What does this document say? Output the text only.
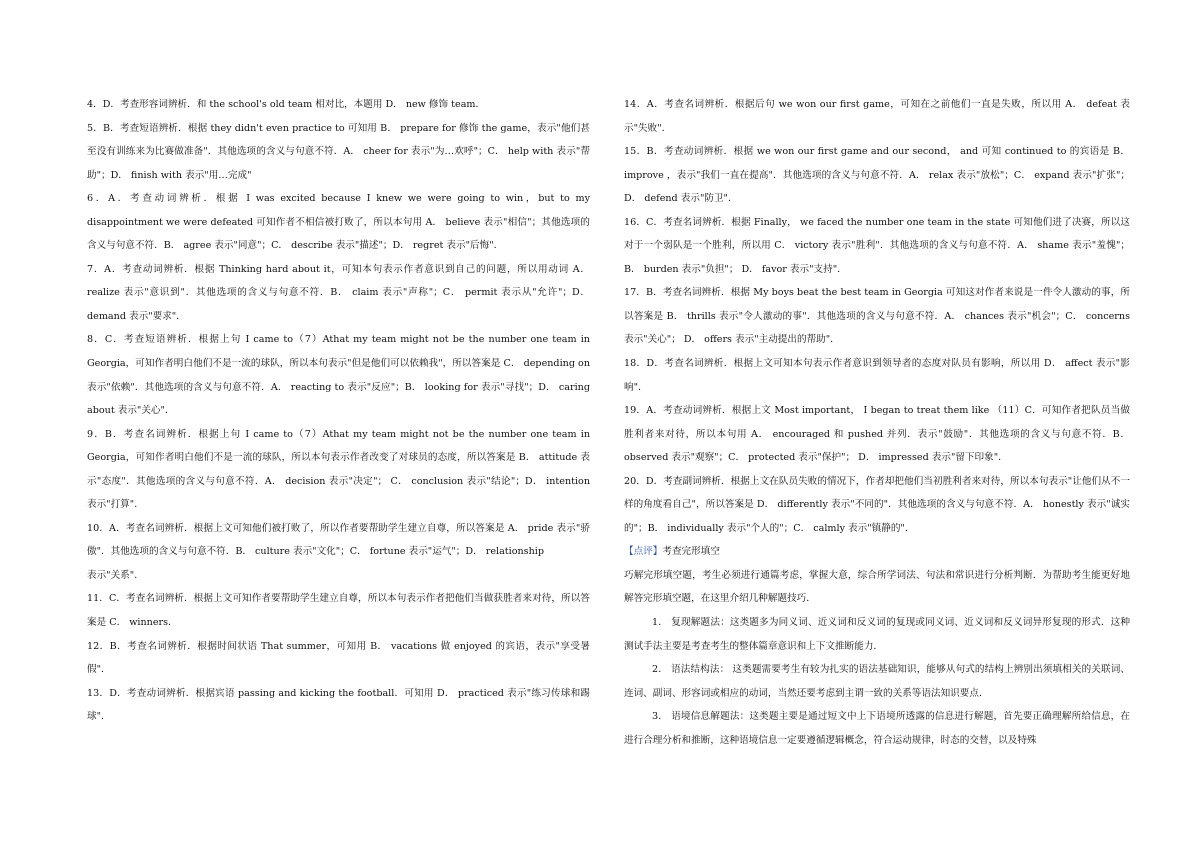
4．D．考查形容词辨析．和 the school's old team 相对比，本题用 D． new 修饰 team．

5．B．考查短语辨析．根据 they didn't even practice to 可知用 B． prepare for 修饰 the game，表示"他们甚至没有训练来为比赛做准备"．其他选项的含义与句意不符．A． cheer for 表示"为…欢呼"；C． help with 表示"帮助"；D． finish with 表示"用…完成"

6．A．考查动词辨析．根据 I was excited because I knew we were going to win，but to my disappointment we were defeated 可知作者不相信被打败了，所以本句用 A． believe 表示"相信"；其他选项的含义与句意不符．B． agree 表示"同意"；C． describe 表示"描述"；D． regret 表示"后悔"．

7．A．考查动词辨析．根据 Thinking hard about it，可知本句表示作者意识到自己的问题，所以用动词 A． realize 表示"意识到"．其他选项的含义与句意不符．B． claim 表示"声称"；C． permit 表示从"允许"；D． demand 表示"要求"．

8．C．考查短语辨析．根据上句 I came to（7）Athat my team might not be the number one team in Georgia，可知作者明白他们不是一流的球队，所以本句表示"但是他们可以依赖我"，所以答案是 C． depending on 表示"依赖"．其他选项的含义与句意不符．A． reacting to 表示"反应"；B． looking for 表示"寻找"；D． caring about 表示"关心"．

9．B．考查名词辨析．根据上句 I came to（7）Athat my team might not be the number one team in Georgia，可知作者明白他们不是一流的球队，所以本句表示作者改变了对球员的态度，所以答案是 B． attitude 表示"态度"．其他选项的含义与句意不符．A． decision 表示"决定"； C． conclusion 表示"结论"；D． intention 表示"打算"．

10．A．考查名词辨析．根据上文可知他们被打败了，所以作者要帮助学生建立自尊，所以答案是 A． pride 表示"骄傲"．其他选项的含义与句意不符．B． culture 表示"文化"；C． fortune 表示"运气"；D． relationship

表示"关系"．

11．C．考查名词辨析．根据上文可知作者要帮助学生建立自尊，所以本句表示作者把他们当做获胜者来对待，所以答案是 C． winners．

12．B．考查名词辨析．根据时间状语 That summer，可知用 B． vacations 做 enjoyed 的宾语，表示"享受暑假"．

13．D．考查动词辨析．根据宾语 passing and kicking the football．可知用 D． practiced 表示"练习传球和踢球"．

14．A．考查名词辨析．根据后句 we won our first game，可知在之前他们一直是失败，所以用 A． defeat 表示"失败"．

15．B．考查动词辨析．根据 we won our first game and our second， and 可知 continued to 的宾语是 B． improve ，表示"我们一直在提高"．其他选项的含义与句意不符．A． relax 表示"放松"；C． expand 表示"扩张"；D． defend 表示"防卫"．

16．C．考查名词辨析．根据 Finally， we faced the number one team in the state 可知他们进了决赛，所以这对于一个弱队是一个胜利，所以用 C． victory 表示"胜利"．其他选项的含义与句意不符．A． shame 表示"羞愧"；B． burden 表示"负担"； D． favor 表示"支持"．

17．B．考查名词辨析．根据 My boys beat the best team in Georgia 可知这对作者来说是一件令人激动的事，所以答案是 B． thrills 表示"令人激动的事"．其他选项的含义与句意不符．A． chances 表示"机会"；C． concerns 表示"关心"； D． offers 表示"主动提出的帮助"．

18．D．考查名词辨析．根据上文可知本句表示作者意识到领导者的态度对队员有影响，所以用 D． affect 表示"影响"．

19．A．考查动词辨析．根据上文 Most important， I began to treat them like （11）C．可知作者把队员当做胜利者来对待，所以本句用 A． encouraged 和 pushed 并列．表示"鼓励"．其他选项的含义与句意不符．B． observed 表示"观察"；C． protected 表示"保护"； D． impressed 表示"留下印象"．

20．D．考查副词辨析．根据上文在队员失败的情况下，作者却把他们当初胜利者来对待，所以本句表示"让他们从不一样的角度看自己"，所以答案是 D． differently 表示"不同的"．其他选项的含义与句意不符．A． honestly 表示"诚实的"；B． individually 表示"个人的"；C． calmly 表示"镇静的"．

【点评】考查完形填空

巧解完形填空题，考生必须进行通篇考虑，掌握大意，综合所学词法、句法和常识进行分析判断．为帮助考生能更好地解答完形填空题，在这里介绍几种解题技巧．

1． 复现解题法：这类题多为同义词、近义词和反义词的复现或同义词、近义词和反义词异形复现的形式．这种测试手法主要是考查考生的整体篇章意识和上下文推断能力．

2． 语法结构法： 这类题需要考生有较为扎实的语法基础知识，能够从句式的结构上辨别出须填相关的关联词、连词、副词、形容词或相应的动词，当然还要考虑到主谓一致的关系等语法知识要点．

3． 语境信息解题法：这类题主要是通过短文中上下语境所透露的信息进行解题，首先要正确理解所给信息，在进行合理分析和推断，这种语境信息一定要遵循逻辑概念，符合运动规律，时态的交替，以及特殊
